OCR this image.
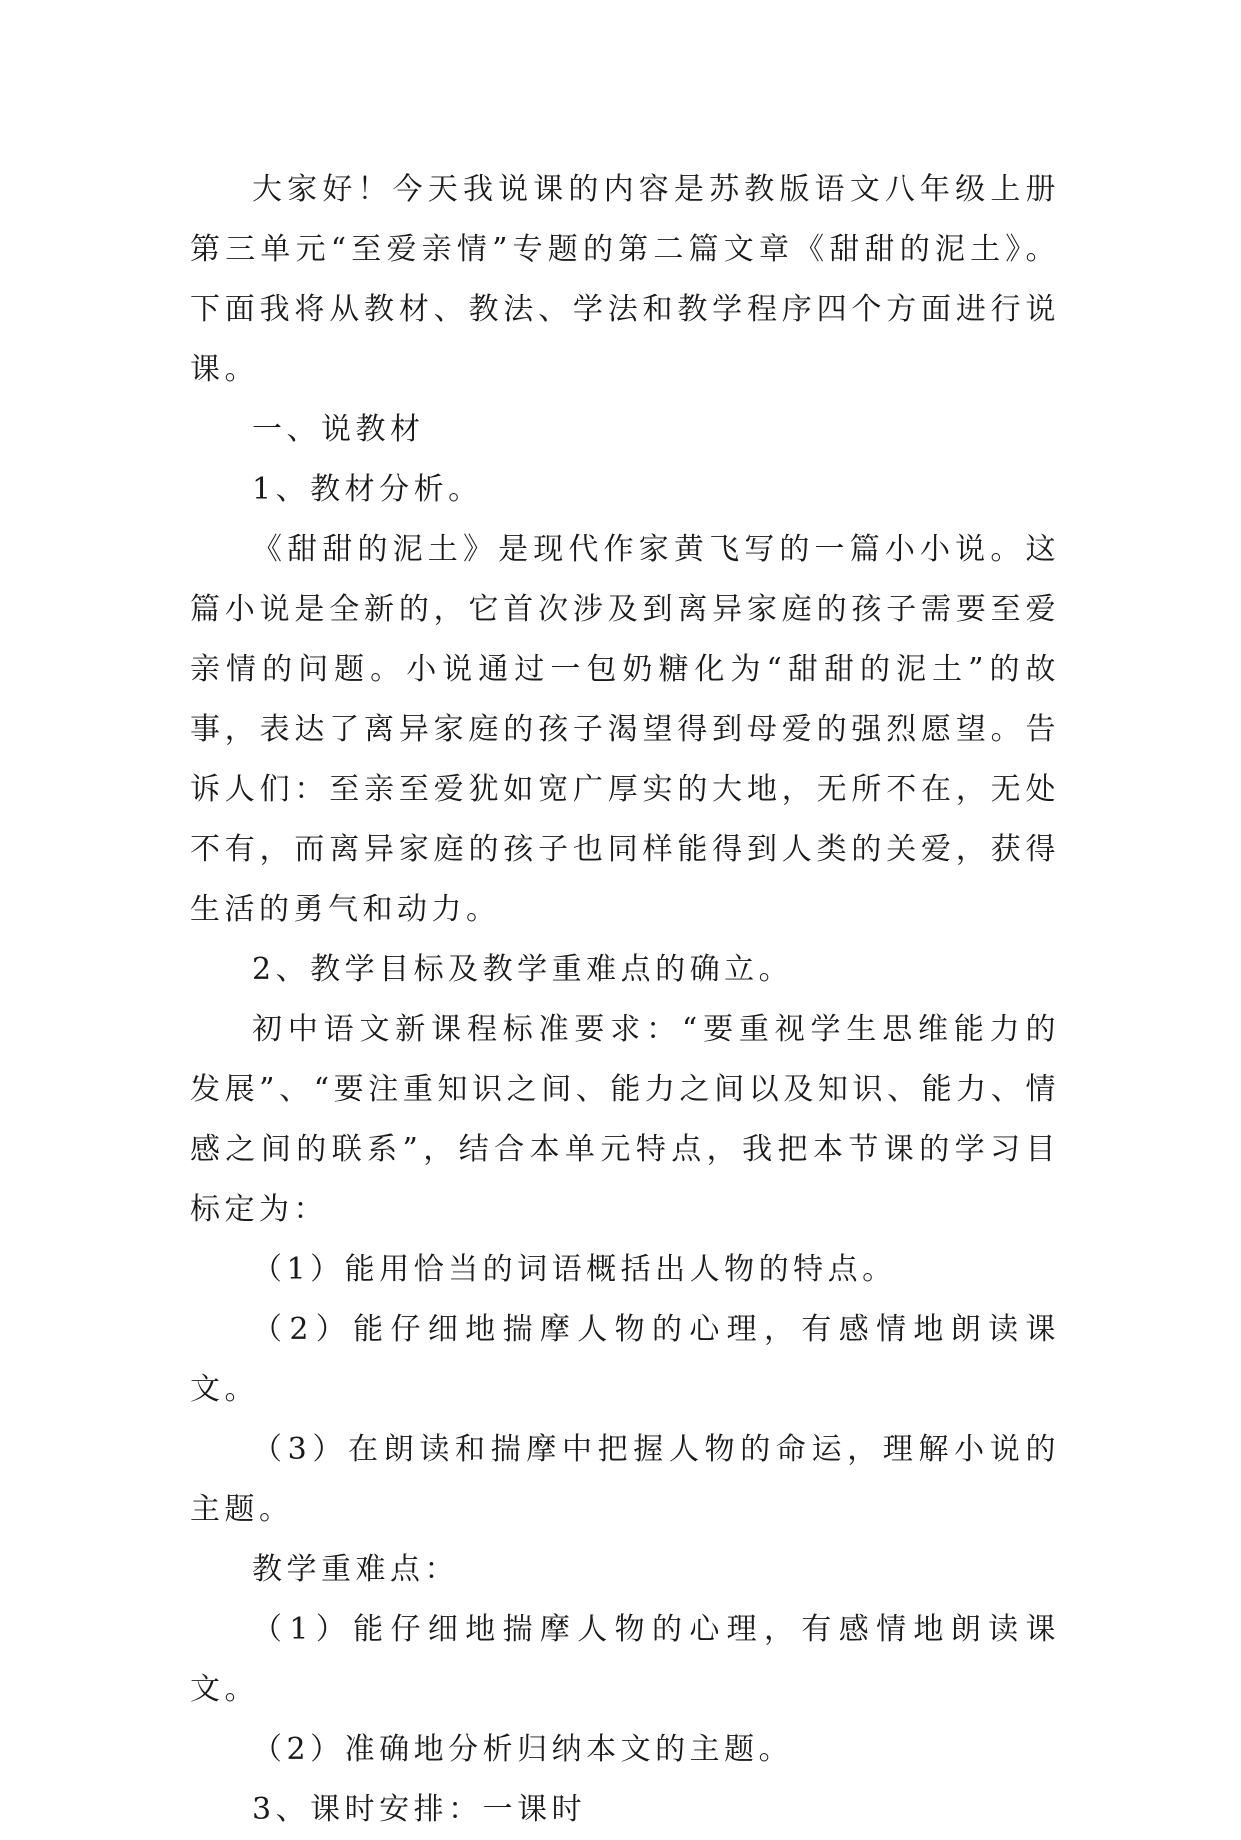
大家好！今天我说课的内容是苏教版语文八年级上册第三单元“至爱亲情”专题的第二篇文章《甜甜的泥土》。下面我将从教材、教法、学法和教学程序四个方面进行说课。

一、说教材

1、教材分析。

《甜甜的泥土》是现代作家黄飞写的一篇小小说。这篇小说是全新的，它首次涉及到离异家庭的孩子需要至爱亲情的问题。小说通过一包奶糖化为“甜甜的泥土”的故事，表达了离异家庭的孩子渴望得到母爱的强烈愿望。告诉人们：至亲至爱犹如宽广厚实的大地，无所不在，无处不有，而离异家庭的孩子也同样能得到人类的关爱，获得生活的勇气和动力。

2、教学目标及教学重难点的确立。

初中语文新课程标准要求：“要重视学生思维能力的发展”、“要注重知识之间、能力之间以及知识、能力、情感之间的联系”，结合本单元特点，我把本节课的学习目标定为：

（1）能用恰当的词语概括出人物的特点。

（2）能仔细地揣摩人物的心理，有感情地朗读课文。

（3）在朗读和揣摩中把握人物的命运，理解小说的主题。

教学重难点：

（1）能仔细地揣摩人物的心理，有感情地朗读课文。

（2）准确地分析归纳本文的主题。

3、课时安排：一课时
